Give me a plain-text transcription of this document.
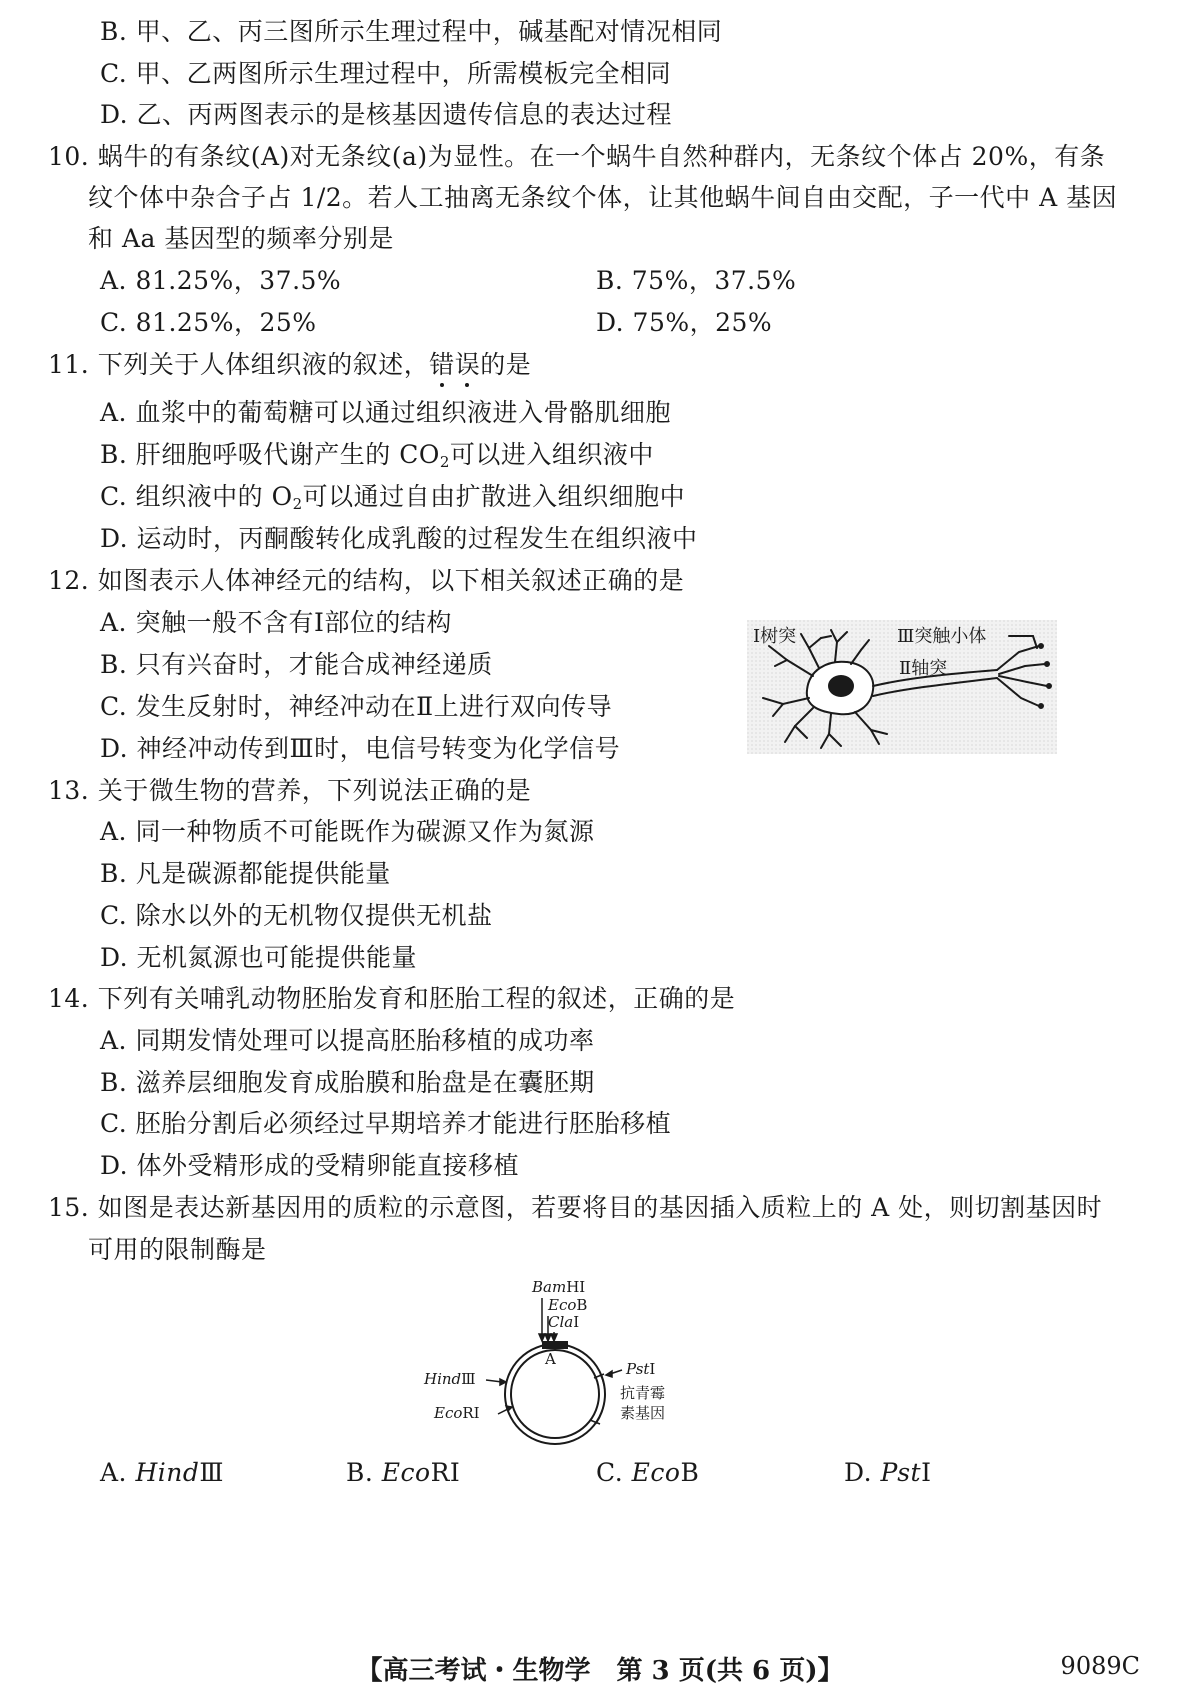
B. 甲、乙、丙三图所示生理过程中，碱基配对情况相同
C. 甲、乙两图所示生理过程中，所需模板完全相同
D. 乙、丙两图表示的是核基因遗传信息的表达过程
10. 蜗牛的有条纹(A)对无条纹(a)为显性。在一个蜗牛自然种群内，无条纹个体占 20%，有条
纹个体中杂合子占 1/2。若人工抽离无条纹个体，让其他蜗牛间自由交配，子一代中 A 基因
和 Aa 基因型的频率分别是
A. 81.25%，37.5%	B. 75%，37.5%
C. 81.25%，25%	D. 75%，25%
11. 下列关于人体组织液的叙述，错误的是
A. 血浆中的葡萄糖可以通过组织液进入骨骼肌细胞
B. 肝细胞呼吸代谢产生的 $CO_2$可以进入组织液中
C. 组织液中的 $O_2$可以通过自由扩散进入组织细胞中
D. 运动时，丙酮酸转化成乳酸的过程发生在组织液中
12. 如图表示人体神经元的结构，以下相关叙述正确的是
A. 突触一般不含有Ⅰ部位的结构
B. 只有兴奋时，才能合成神经递质
C. 发生反射时，神经冲动在Ⅱ上进行双向传导
D. 神经冲动传到Ⅲ时，电信号转变为化学信号
Ⅰ树突	Ⅲ突触小体
Ⅱ轴突
13. 关于微生物的营养，下列说法正确的是
A. 同一种物质不可能既作为碳源又作为氮源
B. 凡是碳源都能提供能量
C. 除水以外的无机物仅提供无机盐
D. 无机氮源也可能提供能量
14. 下列有关哺乳动物胚胎发育和胚胎工程的叙述，正确的是
A. 同期发情处理可以提高胚胎移植的成功率
B. 滋养层细胞发育成胎膜和胎盘是在囊胚期
C. 胚胎分割后必须经过早期培养才能进行胚胎移植
D. 体外受精形成的受精卵能直接移植
15. 如图是表达新基因用的质粒的示意图，若要将目的基因插入质粒上的 A 处，则切割基因时
可用的限制酶是
BamHⅠ
EcoB
ClaⅠ
HindⅢ
EcoRⅠ
PstⅠ
抗青霉
素基因
A
A. HindⅢ	B. EcoRⅠ	C. EcoB	D. PstⅠ
【高三考试・生物学　第 3 页(共 6 页)】	9089C
